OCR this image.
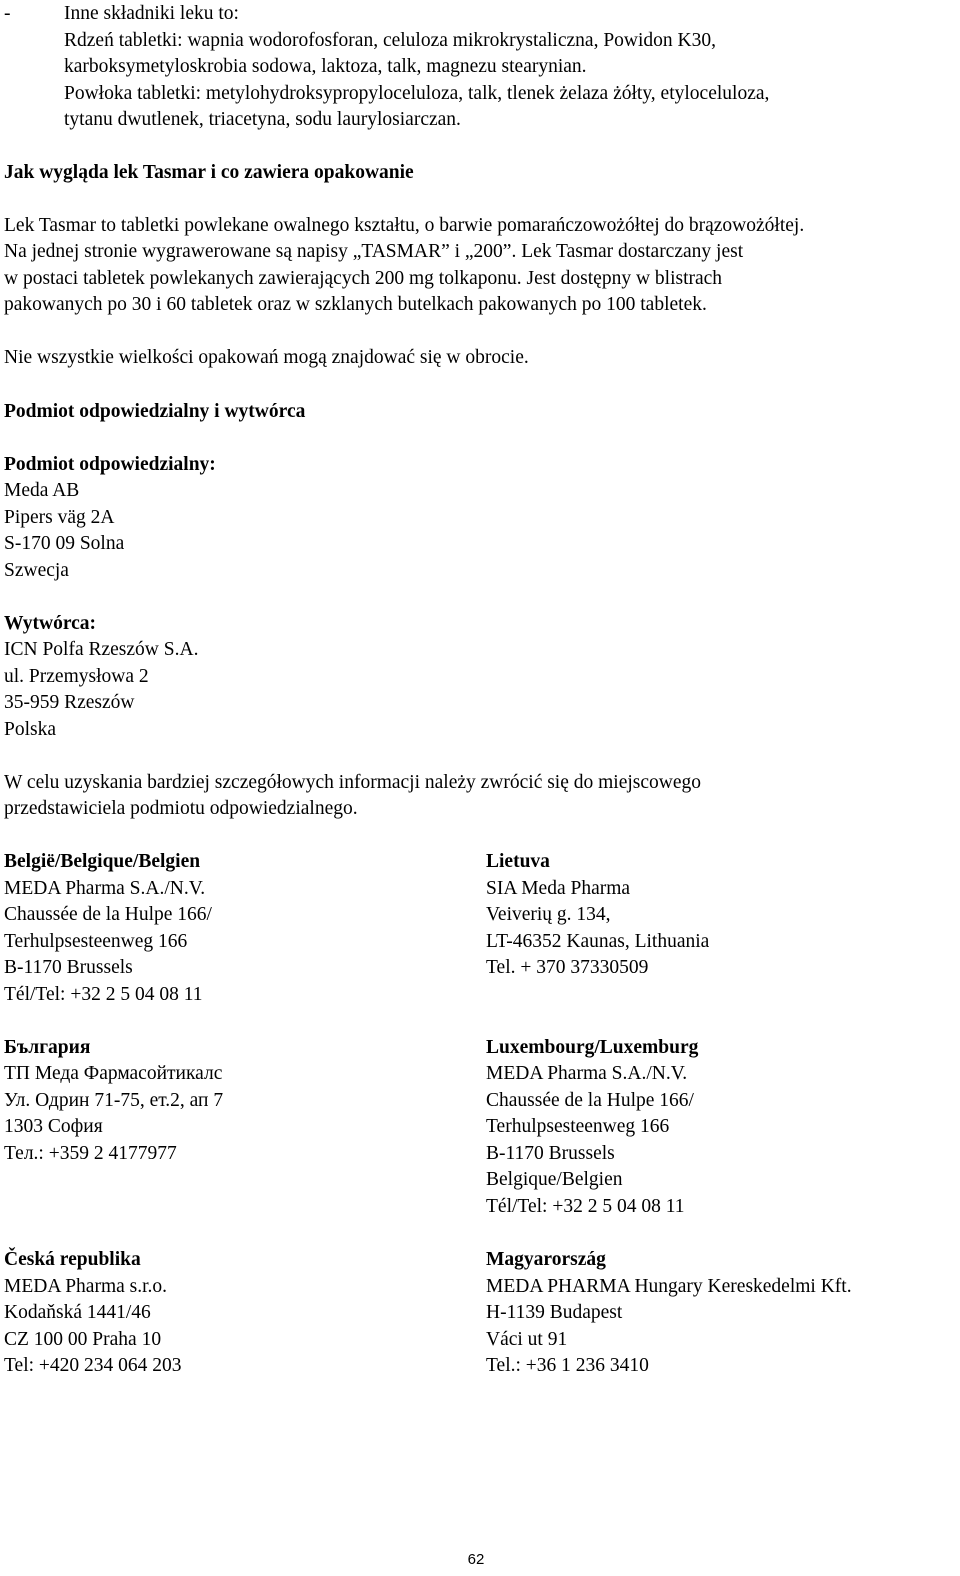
-	Inne składniki leku to:
Rdzeń tabletki: wapnia wodorofosforan, celuloza mikrokrystaliczna, Powidon K30,
karboksymetyloskrobia sodowa, laktoza, talk, magnezu stearynian.
Powłoka tabletki: metylohydroksypropyloceluloza, talk, tlenek żelaza żółty, etyloceluloza,
tytanu dwutlenek, triacetyna, sodu laurylosiarczan.
Jak wygląda lek Tasmar i co zawiera opakowanie
Lek Tasmar to tabletki powlekane owalnego kształtu, o barwie pomarańczowożółtej do brązowożółtej.
Na jednej stronie wygrawerowane są napisy „TASMAR” i „200”. Lek Tasmar dostarczany jest
w postaci tabletek powlekanych zawierających 200 mg tolkaponu. Jest dostępny w blistrach
pakowanych po 30 i 60 tabletek oraz w szklanych butelkach pakowanych po 100 tabletek.
Nie wszystkie wielkości opakowań mogą znajdować się w obrocie.
Podmiot odpowiedzialny i wytwórca
Podmiot odpowiedzialny:
Meda AB
Pipers väg 2A
S-170 09 Solna
Szwecja
Wytwórca:
ICN Polfa Rzeszów S.A.
ul. Przemysłowa 2
35-959 Rzeszów
Polska
W celu uzyskania bardziej szczegółowych informacji należy zwrócić się do miejscowego
przedstawiciela podmiotu odpowiedzialnego.
België/Belgique/Belgien
MEDA Pharma S.A./N.V.
Chaussée de la Hulpe 166/
Terhulpsesteenweg 166
B-1170 Brussels
Tél/Tel: +32 2 5 04 08 11
България
ТП Меда Фармасойтикалс
Ул. Одрин 71-75, ет.2, ап 7
1303 София
Тел.: +359 2 4177977
Česká republika
MEDA Pharma s.r.o.
Kodaňská 1441/46
CZ 100 00 Praha 10
Tel: +420 234 064 203
Lietuva
SIA Meda Pharma
Veiverių g. 134,
LT-46352 Kaunas, Lithuania
Tel. + 370 37330509
Luxembourg/Luxemburg
MEDA Pharma S.A./N.V.
Chaussée de la Hulpe 166/
Terhulpsesteenweg 166
B-1170 Brussels
Belgique/Belgien
Tél/Tel: +32 2 5 04 08 11
Magyarország
MEDA PHARMA Hungary Kereskedelmi Kft.
H-1139 Budapest
Váci ut 91
Tel.: +36 1 236 3410
62
